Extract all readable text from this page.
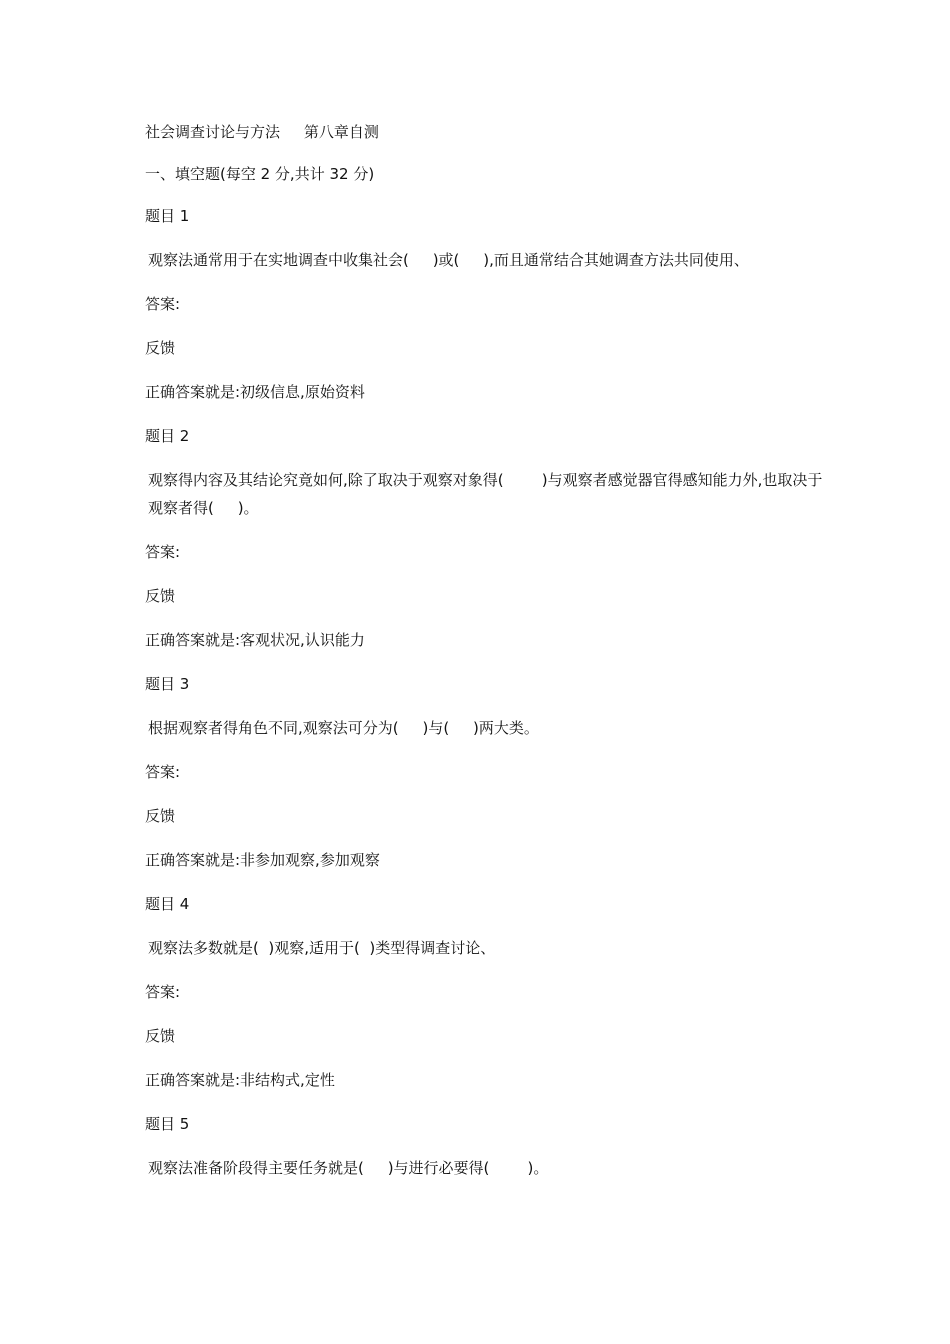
社会调查讨论与方法     第八章自测

一、填空题(每空 2 分,共计 32 分)

题目 1

观察法通常用于在实地调查中收集社会(     )或(     ),而且通常结合其她调查方法共同使用、

答案:

反馈

正确答案就是:初级信息,原始资料

题目 2

观察得内容及其结论究竟如何,除了取决于观察对象得(        )与观察者感觉器官得感知能力外,也取决于观察者得(     )。

答案:

反馈

正确答案就是:客观状况,认识能力

题目 3

根据观察者得角色不同,观察法可分为(     )与(     )两大类。

答案:

反馈

正确答案就是:非参加观察,参加观察

题目 4

观察法多数就是(  )观察,适用于(  )类型得调查讨论、

答案:

反馈

正确答案就是:非结构式,定性

题目 5

观察法准备阶段得主要任务就是(     )与进行必要得(        )。
